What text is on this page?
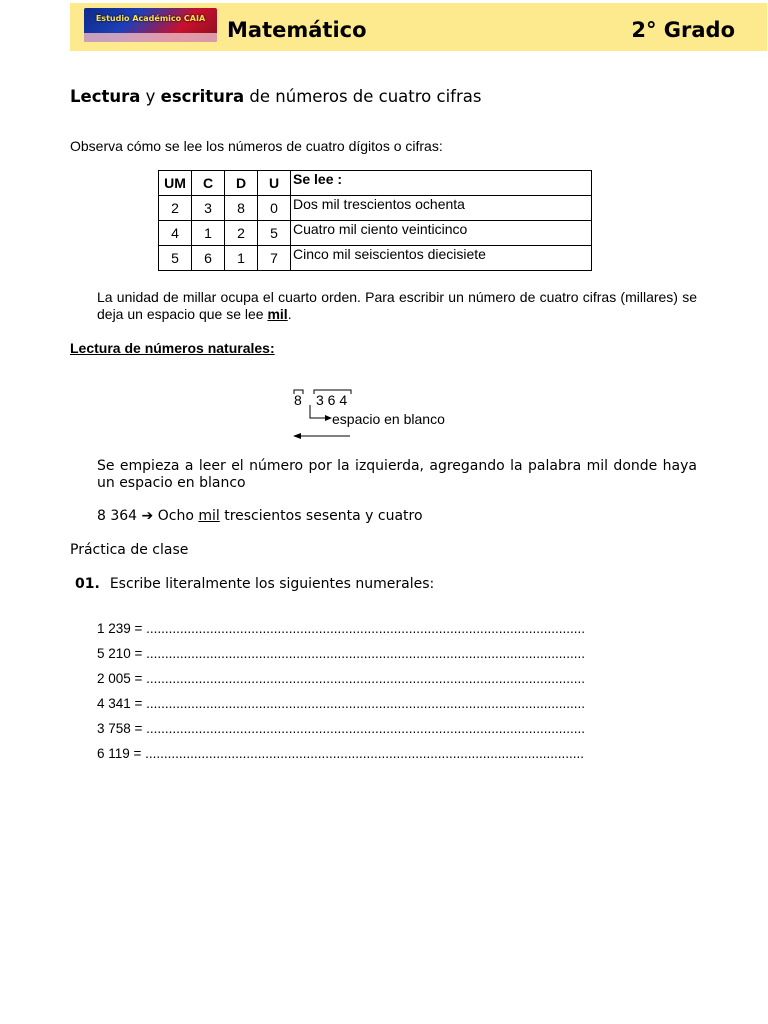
Estudio Académico CAIA	Matemático	2° Grado
Lectura y escritura de números de cuatro cifras
Observa cómo se lee los números de cuatro dígitos o cifras:
UM	C	D	U	Se lee :
2	3	8	0	Dos mil trescientos ochenta
4	1	2	5	Cuatro mil ciento veinticinco
5	6	1	7	Cinco mil seiscientos diecisiete
La unidad de millar ocupa el cuarto orden. Para escribir un número de cuatro cifras (millares) se deja un espacio que se lee mil.
Lectura de números naturales:
8 3 6 4
espacio en blanco
Se empieza a leer el número por la izquierda, agregando la palabra mil donde haya un espacio en blanco
8 364 ➔ Ocho mil trescientos sesenta y cuatro
Práctica de clase
01. Escribe literalmente los siguientes numerales:
1 239 = .....................................................................................................................
5 210 = .....................................................................................................................
2 005 = .....................................................................................................................
4 341 = .....................................................................................................................
3 758 = .....................................................................................................................
6 119 = .....................................................................................................................
